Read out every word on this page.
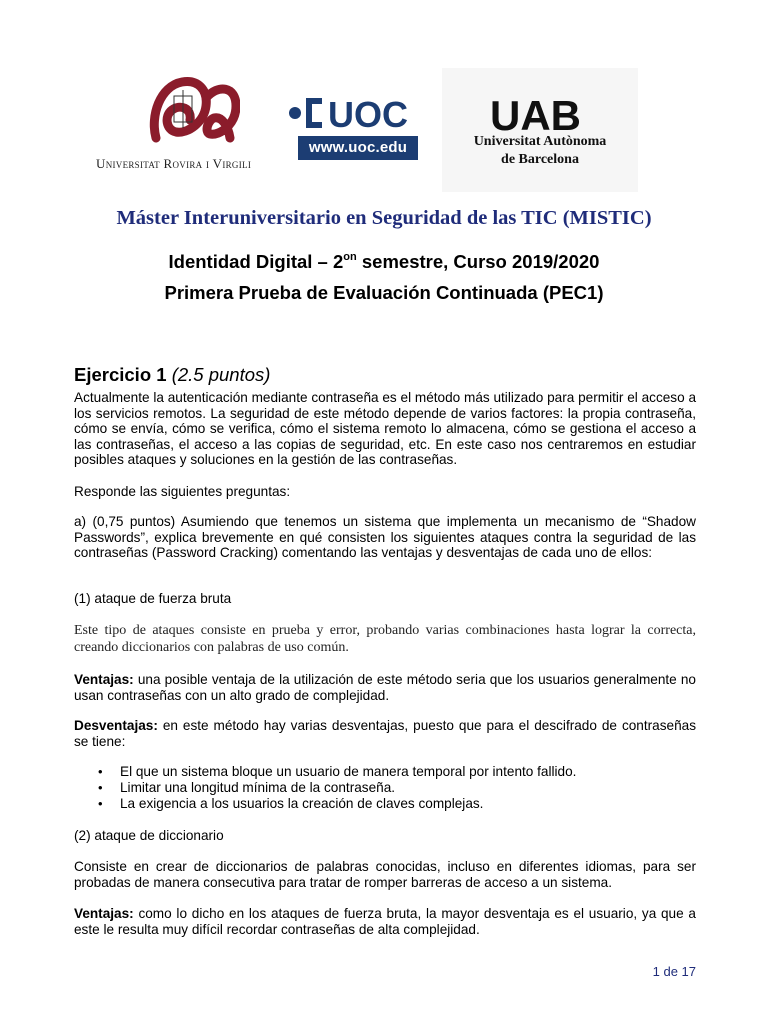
Universitat Rovira i Virgili
UOC
www.uoc.edu
UAB
Universitat Autònoma
de Barcelona
Máster Interuniversitario en Seguridad de las TIC (MISTIC)
Identidad Digital – $2^{on}$ semestre, Curso 2019/2020
Primera Prueba de Evaluación Continuada (PEC1)
Ejercicio 1 (2.5 puntos)
Actualmente la autenticación mediante contraseña es el método más utilizado para permitir el acceso a los servicios remotos. La seguridad de este método depende de varios factores: la propia contraseña, cómo se envía, cómo se verifica, cómo el sistema remoto lo almacena, cómo se gestiona el acceso a las contraseñas, el acceso a las copias de seguridad, etc. En este caso nos centraremos en estudiar posibles ataques y soluciones en la gestión de las contraseñas.
Responde las siguientes preguntas:
a) (0,75 puntos) Asumiendo que tenemos un sistema que implementa un mecanismo de “Shadow Passwords”, explica brevemente en qué consisten los siguientes ataques contra la seguridad de las contraseñas (Password Cracking) comentando las ventajas y desventajas de cada uno de ellos:
(1) ataque de fuerza bruta
Este tipo de ataques consiste en prueba y error, probando varias combinaciones hasta lograr la correcta, creando diccionarios con palabras de uso común.
Ventajas: una posible ventaja de la utilización de este método seria que los usuarios generalmente no usan contraseñas con un alto grado de complejidad.
Desventajas: en este método hay varias desventajas, puesto que para el descifrado de contraseñas se tiene:
• El que un sistema bloque un usuario de manera temporal por intento fallido.
• Limitar una longitud mínima de la contraseña.
• La exigencia a los usuarios la creación de claves complejas.
(2) ataque de diccionario
Consiste en crear de diccionarios de palabras conocidas, incluso en diferentes idiomas, para ser probadas de manera consecutiva para tratar de romper barreras de acceso a un sistema.
Ventajas: como lo dicho en los ataques de fuerza bruta, la mayor desventaja es el usuario, ya que a este le resulta muy difícil recordar contraseñas de alta complejidad.
1 de 17
